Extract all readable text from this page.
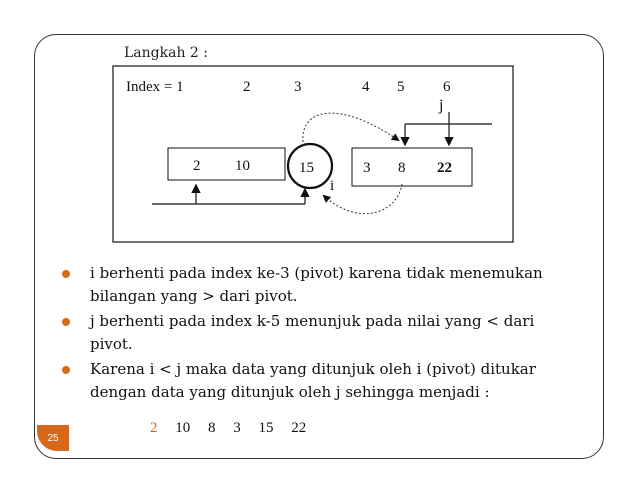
Langkah 2 :
Index = 1	2	3	4 5	6
j
2 10	15
i
3 8 22
i berhenti pada index ke-3 (pivot) karena tidak menemukan bilangan yang > dari pivot.
j berhenti pada index k-5 menunjuk pada nilai yang < dari pivot.
Karena i < j maka data yang ditunjuk oleh i (pivot) ditukar dengan data yang ditunjuk oleh j sehingga menjadi :
2 10 8 3 15 22
25
